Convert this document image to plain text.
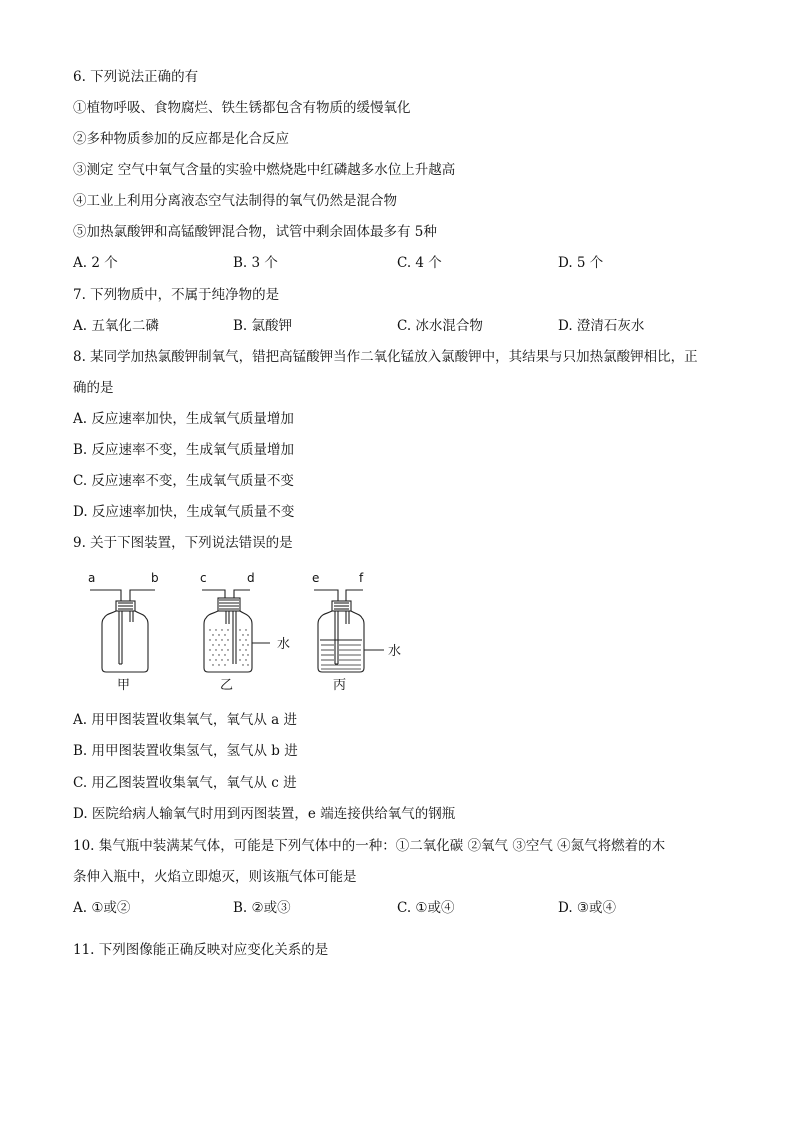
6. 下列说法正确的有
①植物呼吸、食物腐烂、铁生锈都包含有物质的缓慢氧化
②多种物质参加的反应都是化合反应
③测定 空气中氧气含量的实验中燃烧匙中红磷越多水位上升越高
④工业上利用分离液态空气法制得的氧气仍然是混合物
⑤加热氯酸钾和高锰酸钾混合物，试管中剩余固体最多有 5种
A. 2 个	B. 3 个	C. 4 个	D. 5 个
7. 下列物质中，不属于纯净物的是
A. 五氧化二磷	B. 氯酸钾	C. 冰水混合物	D. 澄清石灰水
8. 某同学加热氯酸钾制氧气，错把高锰酸钾当作二氧化锰放入氯酸钾中，其结果与只加热氯酸钾相比，正
确的是
A. 反应速率加快，生成氧气质量增加
B. 反应速率不变，生成氧气质量增加
C. 反应速率不变，生成氧气质量不变
D. 反应速率加快，生成氧气质量不变
9. 关于下图装置，下列说法错误的是
a	b	c	d	e	f
水	水
甲	乙	丙
A. 用甲图装置收集氧气，氧气从 a 进
B. 用甲图装置收集氢气，氢气从 b 进
C. 用乙图装置收集氧气，氧气从 c 进
D. 医院给病人输氧气时用到丙图装置，e 端连接供给氧气的钢瓶
10. 集气瓶中装满某气体，可能是下列气体中的一种：①二氧化碳 ②氧气 ③空气 ④氮气将燃着的木
条伸入瓶中，火焰立即熄灭，则该瓶气体可能是
A. ①或②	B. ②或③	C. ①或④	D. ③或④
11. 下列图像能正确反映对应变化关系的是
